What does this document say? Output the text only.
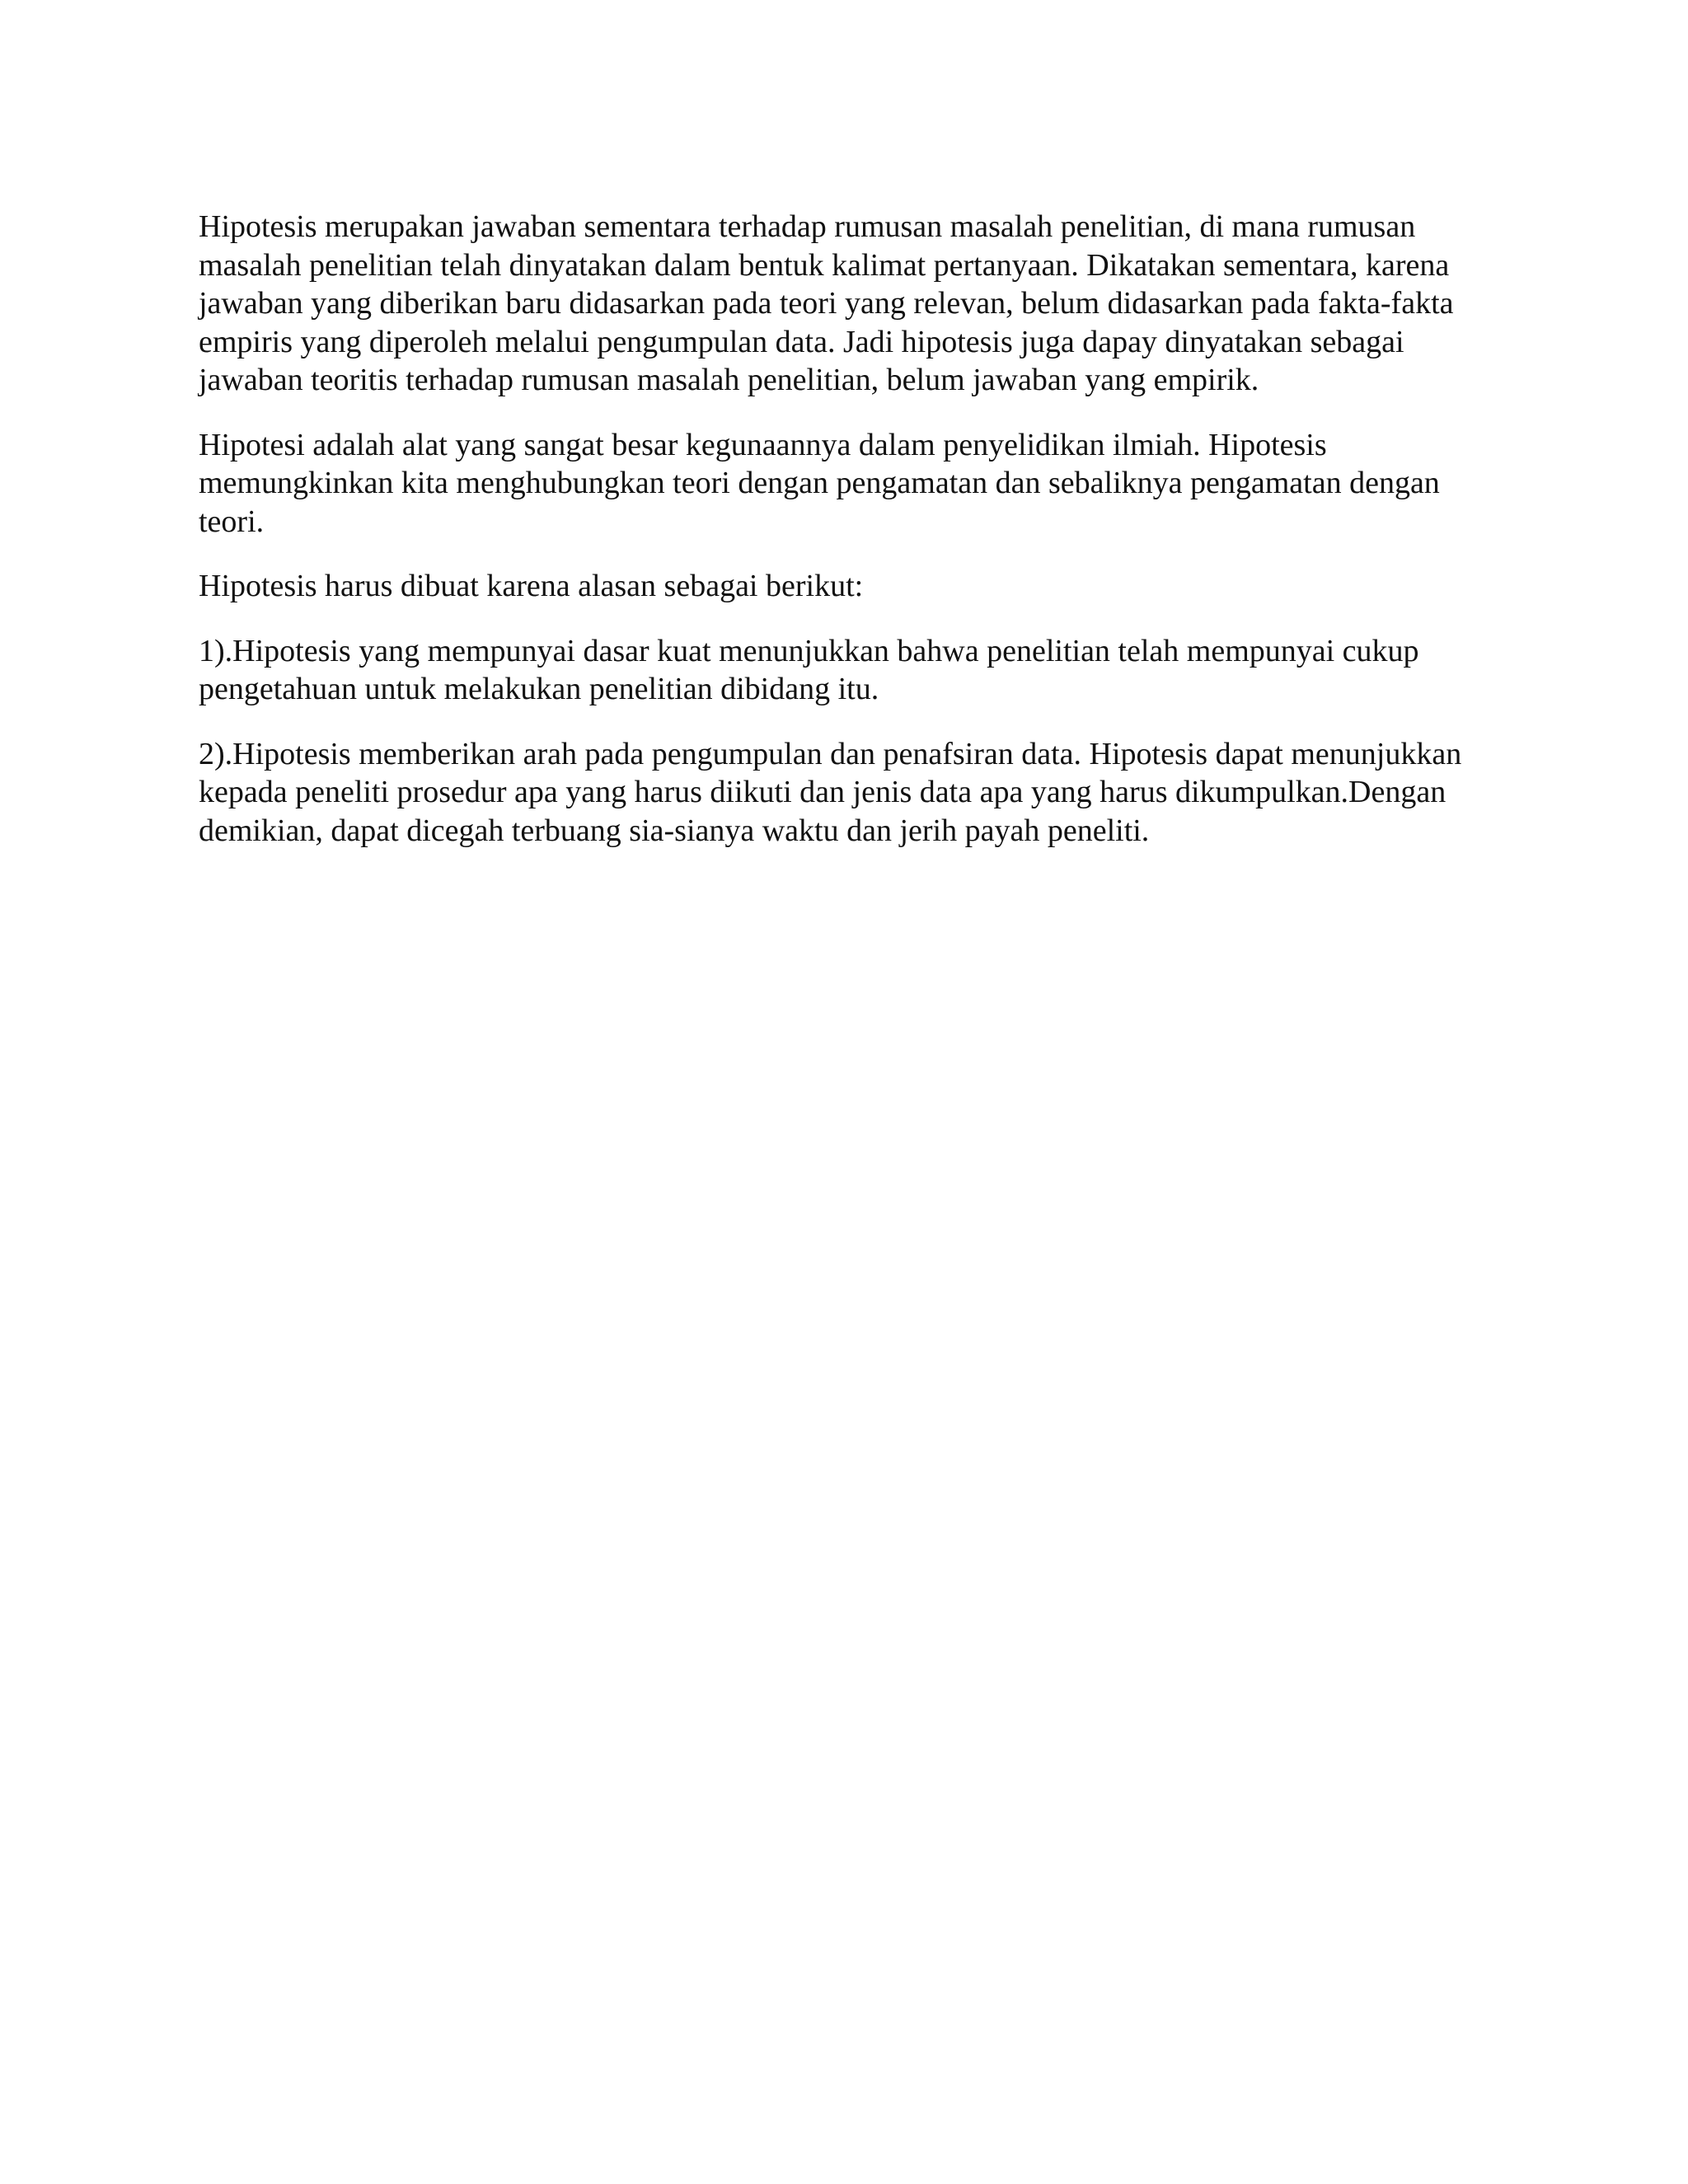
Hipotesis merupakan jawaban sementara terhadap rumusan masalah penelitian, di mana rumusan masalah penelitian telah dinyatakan dalam bentuk kalimat pertanyaan. Dikatakan sementara, karena jawaban yang diberikan baru didasarkan pada teori yang relevan, belum didasarkan pada fakta-fakta empiris yang diperoleh melalui pengumpulan data. Jadi hipotesis juga dapay dinyatakan sebagai jawaban teoritis terhadap rumusan masalah penelitian, belum jawaban yang empirik.

Hipotesi adalah alat yang sangat besar kegunaannya dalam penyelidikan ilmiah. Hipotesis memungkinkan kita menghubungkan teori dengan pengamatan dan sebaliknya pengamatan dengan teori.

Hipotesis harus dibuat karena alasan sebagai berikut:

1).Hipotesis yang mempunyai dasar kuat menunjukkan bahwa penelitian telah mempunyai cukup pengetahuan untuk melakukan penelitian dibidang itu.

2).Hipotesis memberikan arah pada pengumpulan dan penafsiran data. Hipotesis dapat menunjukkan kepada peneliti prosedur apa yang harus diikuti dan jenis data apa yang harus dikumpulkan.Dengan demikian, dapat dicegah terbuang sia-sianya waktu dan jerih payah peneliti.
